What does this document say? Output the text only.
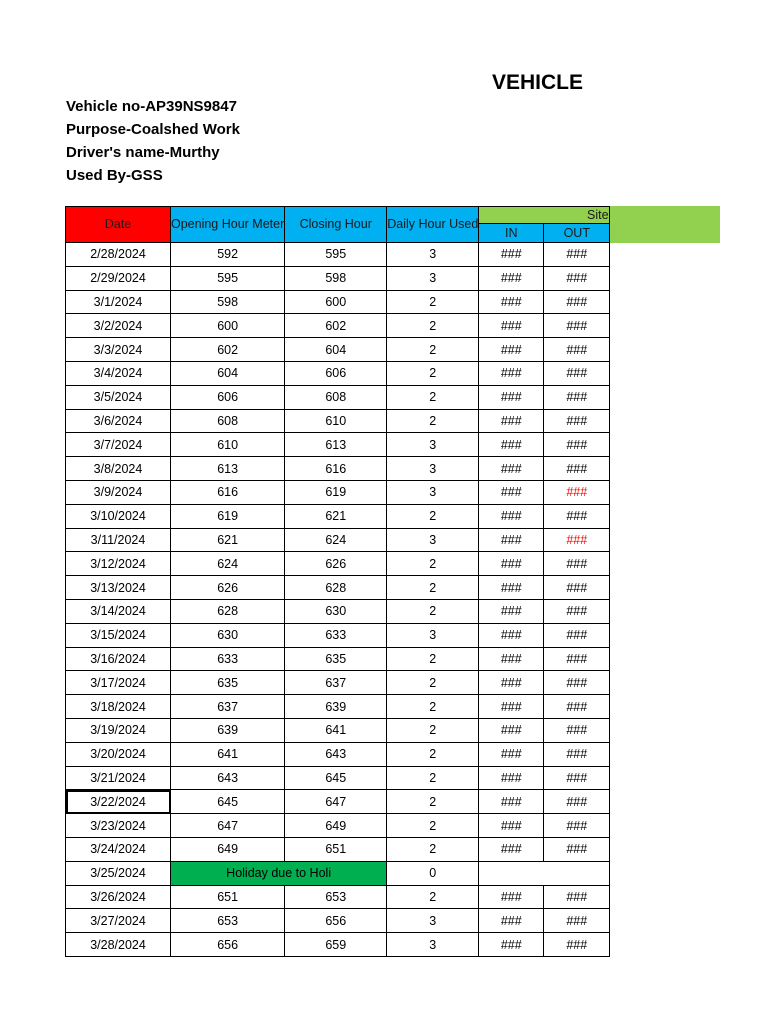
VEHICLE
Vehicle no-AP39NS9847
Purpose-Coalshed Work
Driver's name-Murthy
Used By-GSS
Date	Opening Hour Meter	Closing Hour	Daily Hour Used	Site	
				IN	OUT
2/28/2024	592	595	3	###	###
2/29/2024	595	598	3	###	###
3/1/2024	598	600	2	###	###
3/2/2024	600	602	2	###	###
3/3/2024	602	604	2	###	###
3/4/2024	604	606	2	###	###
3/5/2024	606	608	2	###	###
3/6/2024	608	610	2	###	###
3/7/2024	610	613	3	###	###
3/8/2024	613	616	3	###	###
3/9/2024	616	619	3	###	###
3/10/2024	619	621	2	###	###
3/11/2024	621	624	3	###	###
3/12/2024	624	626	2	###	###
3/13/2024	626	628	2	###	###
3/14/2024	628	630	2	###	###
3/15/2024	630	633	3	###	###
3/16/2024	633	635	2	###	###
3/17/2024	635	637	2	###	###
3/18/2024	637	639	2	###	###
3/19/2024	639	641	2	###	###
3/20/2024	641	643	2	###	###
3/21/2024	643	645	2	###	###
3/22/2024	645	647	2	###	###
3/23/2024	647	649	2	###	###
3/24/2024	649	651	2	###	###
3/25/2024	Holiday due to Holi		0		
3/26/2024	651	653	2	###	###
3/27/2024	653	656	3	###	###
3/28/2024	656	659	3	###	###
